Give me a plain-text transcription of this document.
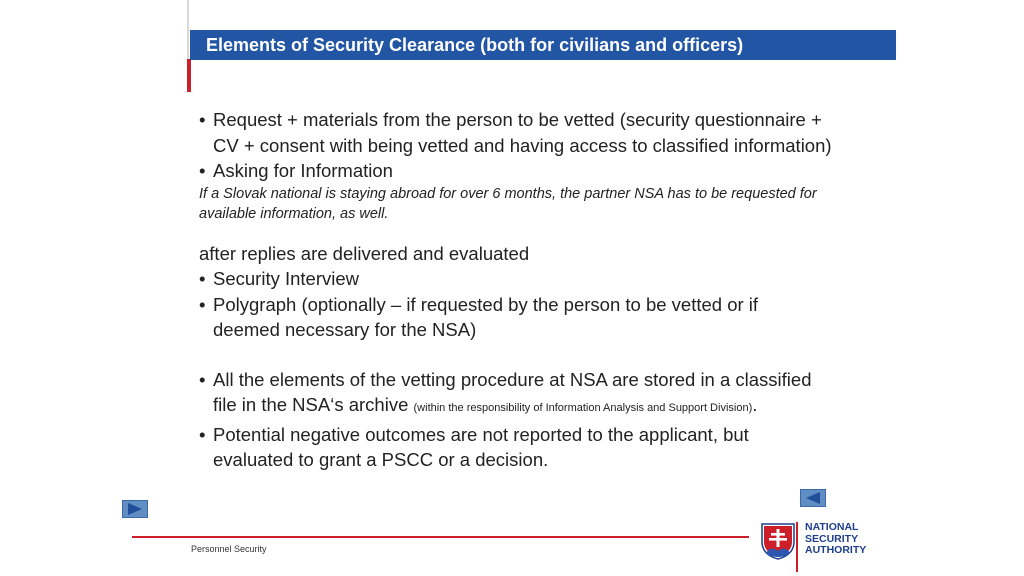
Elements of Security Clearance (both for civilians and officers)
• Request + materials from the person to be vetted (security questionnaire +
CV + consent with being vetted and having access to classified information)
• Asking for Information
If a Slovak national is staying abroad for over 6 months, the partner NSA has to be requested for
available information, as well.
after replies are delivered and evaluated
• Security Interview
• Polygraph (optionally – if requested by the person to be vetted or if
deemed necessary for the NSA)
• All the elements of the vetting procedure at NSA are stored in a classified
file in the NSA‘s archive (within the responsibility of Information Analysis and Support Division).
• Potential negative outcomes are not reported to the applicant, but
evaluated to grant a PSCC or a decision.
Personnel Security
NATIONAL
SECURITY
AUTHORITY
